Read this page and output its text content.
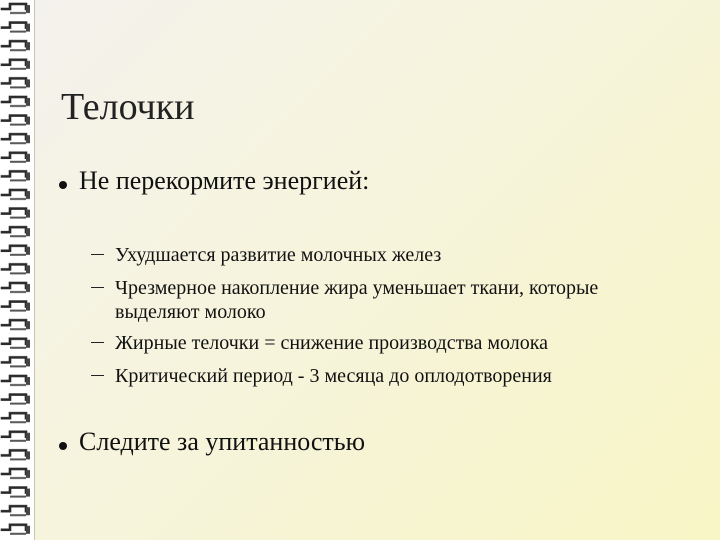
Телочки
Не перекормите энергией:
Ухудшается развитие молочных желез
Чрезмерное накопление жира уменьшает ткани, которые выделяют молоко
Жирные телочки = снижение производства молока
Критический период - 3 месяца до оплодотворения
Следите за упитанностью
